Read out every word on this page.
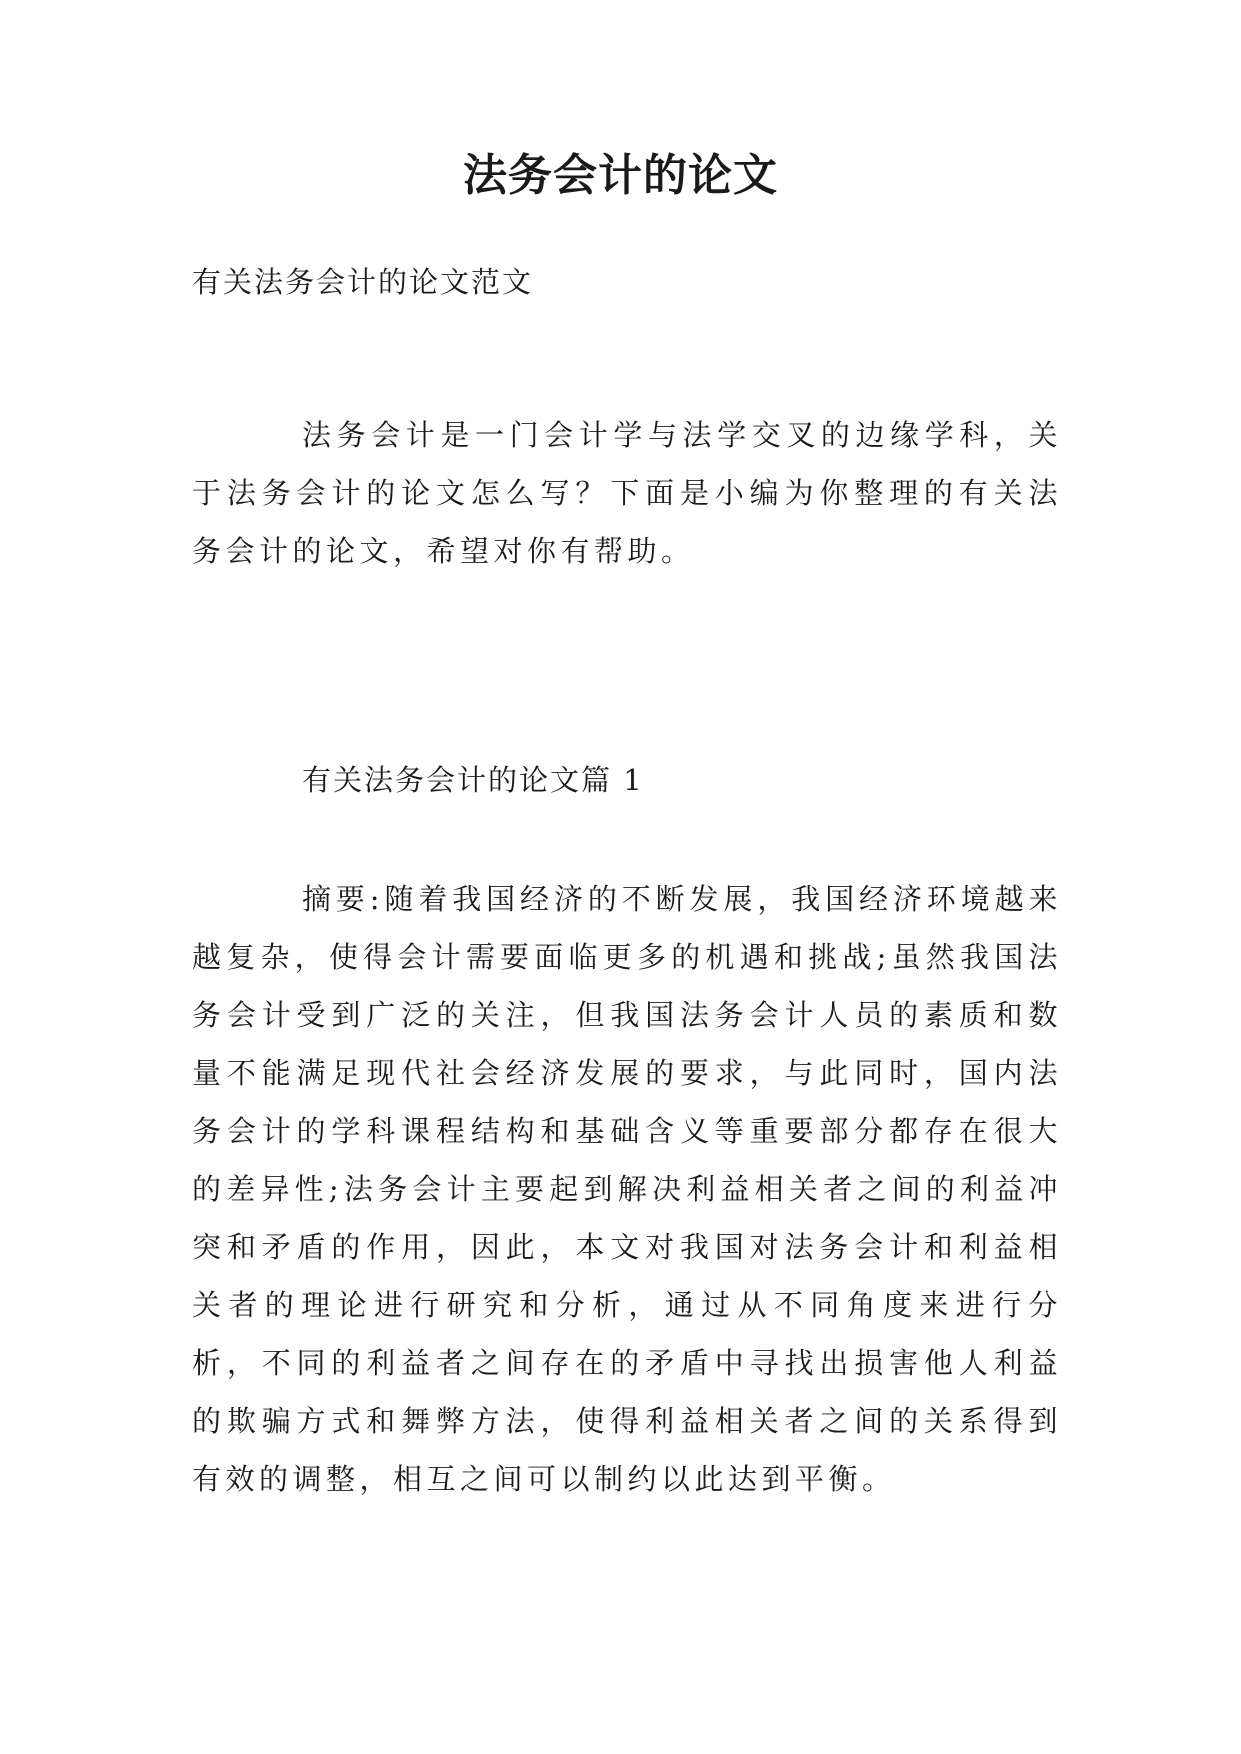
法务会计的论文
有关法务会计的论文范文

法务会计是一门会计学与法学交叉的边缘学科，关于法务会计的论文怎么写？下面是小编为你整理的有关法务会计的论文，希望对你有帮助。

有关法务会计的论文篇 1

摘要:随着我国经济的不断发展，我国经济环境越来越复杂，使得会计需要面临更多的机遇和挑战;虽然我国法务会计受到广泛的关注，但我国法务会计人员的素质和数量不能满足现代社会经济发展的要求，与此同时，国内法务会计的学科课程结构和基础含义等重要部分都存在很大的差异性;法务会计主要起到解决利益相关者之间的利益冲突和矛盾的作用，因此，本文对我国对法务会计和利益相关者的理论进行研究和分析，通过从不同角度来进行分析，不同的利益者之间存在的矛盾中寻找出损害他人利益的欺骗方式和舞弊方法，使得利益相关者之间的关系得到有效的调整，相互之间可以制约以此达到平衡。
